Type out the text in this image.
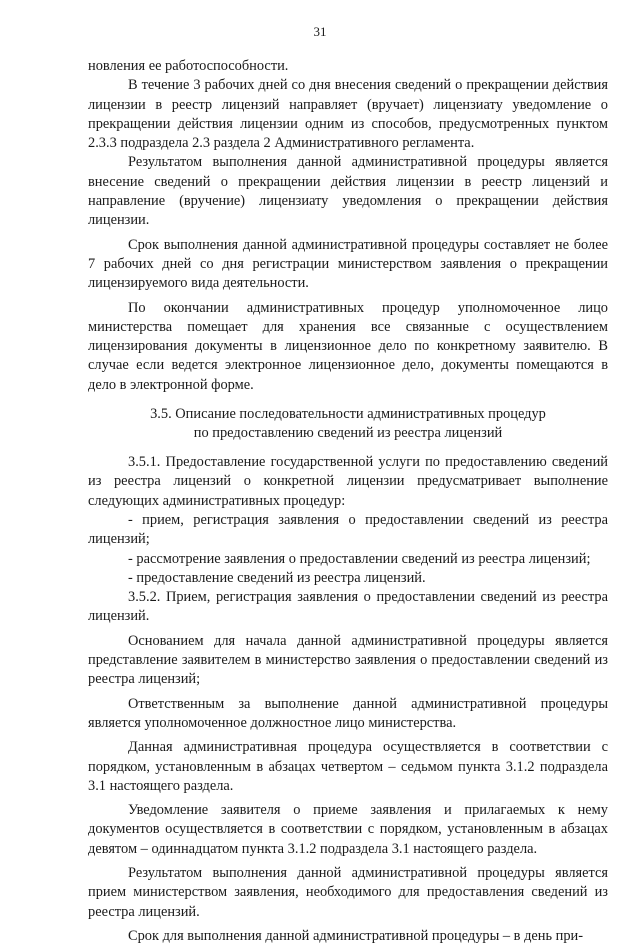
31

новления ее работоспособности.

В течение 3 рабочих дней со дня внесения сведений о прекращении действия лицензии в реестр лицензий направляет (вручает) лицензиату уведомление о прекращении действия лицензии одним из способов, предусмотренных пунктом 2.3.3 подраздела 2.3 раздела 2 Административного регламента.

Результатом выполнения данной административной процедуры является внесение сведений о прекращении действия лицензии в реестр лицензий и направление (вручение) лицензиату уведомления о прекращении действия лицензии.

Срок выполнения данной административной процедуры составляет не более 7 рабочих дней со дня регистрации министерством заявления о прекращении лицензируемого вида деятельности.

По окончании административных процедур уполномоченное лицо министерства помещает для хранения все связанные с осуществлением лицензирования документы в лицензионное дело по конкретному заявителю. В случае если ведется электронное лицензионное дело, документы помещаются в дело в электронной форме.

3.5. Описание последовательности административных процедур
по предоставлению сведений из реестра лицензий

3.5.1. Предоставление государственной услуги по предоставлению сведений из реестра лицензий о конкретной лицензии предусматривает выполнение следующих административных процедур:

- прием, регистрация заявления о предоставлении сведений из реестра лицензий;

- рассмотрение заявления о предоставлении сведений из реестра лицензий;

- предоставление сведений из реестра лицензий.

3.5.2. Прием, регистрация заявления о предоставлении сведений из реестра лицензий.

Основанием для начала данной административной процедуры является представление заявителем в министерство заявления о предоставлении сведений из реестра лицензий;

Ответственным за выполнение данной административной процедуры является уполномоченное должностное лицо министерства.

Данная административная процедура осуществляется в соответствии с порядком, установленным в абзацах четвертом – седьмом пункта 3.1.2 подраздела 3.1 настоящего раздела.

Уведомление заявителя о приеме заявления и прилагаемых к нему документов осуществляется в соответствии с порядком, установленным в абзацах девятом – одиннадцатом пункта 3.1.2 подраздела 3.1 настоящего раздела.

Результатом выполнения данной административной процедуры является прием министерством заявления, необходимого для предоставления сведений из реестра лицензий.

Срок для выполнения данной административной процедуры – в день при-
